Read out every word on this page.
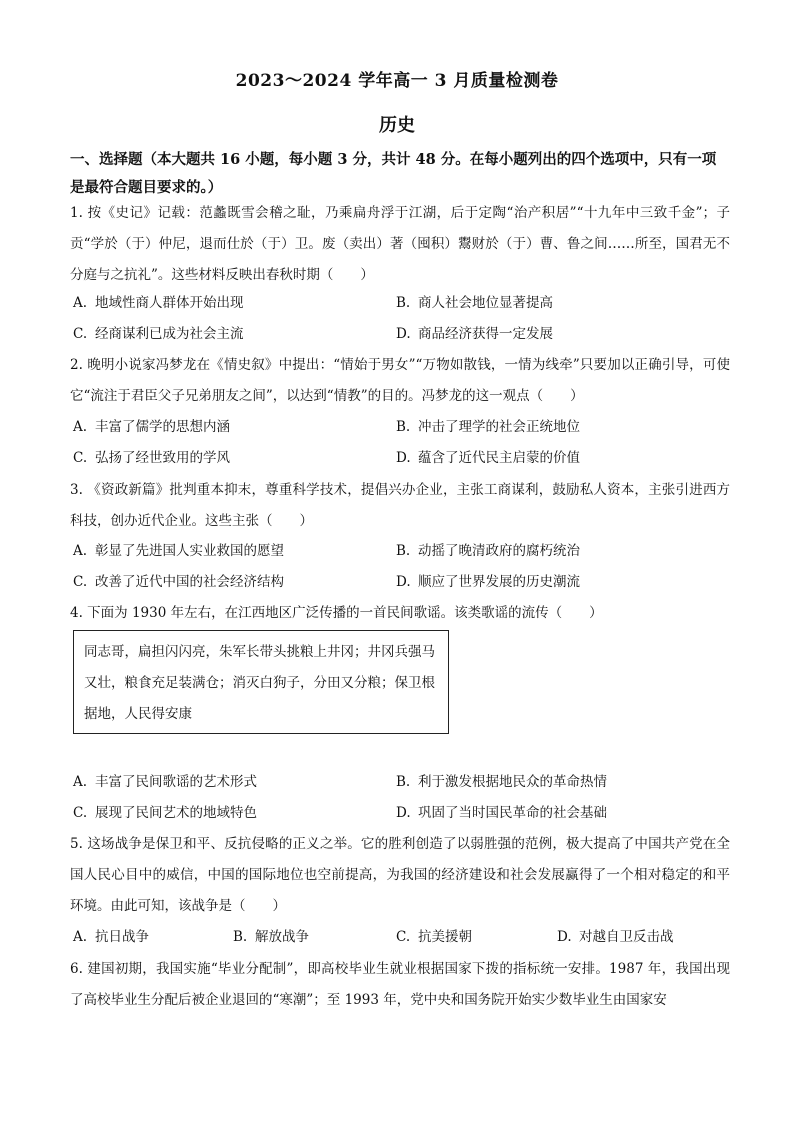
2023～2024 学年高一 3 月质量检测卷
历史
一、选择题（本大题共 16 小题，每小题 3 分，共计 48 分。在每小题列出的四个选项中，只有一项是最符合题目要求的。）
1. 按《史记》记载：范蠡既雪会稽之耻，乃乘扁舟浮于江湖，后于定陶“治产积居”“十九年中三致千金”；子贡“学於（于）仲尼，退而仕於（于）卫。废（卖出）著（囤积）鬻财於（于）曹、鲁之间……所至，国君无不分庭与之抗礼”。这些材料反映出春秋时期（　　）
A. 地域性商人群体开始出现	B. 商人社会地位显著提高
C. 经商谋利已成为社会主流	D. 商品经济获得一定发展
2. 晚明小说家冯梦龙在《情史叙》中提出：“情始于男女”“万物如散钱，一情为线牵”只要加以正确引导，可使它“流注于君臣父子兄弟朋友之间”，以达到“情教”的目的。冯梦龙的这一观点（　　）
A. 丰富了儒学的思想内涵	B. 冲击了理学的社会正统地位
C. 弘扬了经世致用的学风	D. 蕴含了近代民主启蒙的价值
3. 《资政新篇》批判重本抑末，尊重科学技术，提倡兴办企业，主张工商谋利，鼓励私人资本，主张引进西方科技，创办近代企业。这些主张（　　）
A. 彰显了先进国人实业救国的愿望	B. 动摇了晚清政府的腐朽统治
C. 改善了近代中国的社会经济结构	D. 顺应了世界发展的历史潮流
4. 下面为 1930 年左右，在江西地区广泛传播的一首民间歌谣。该类歌谣的流传（　　）
同志哥，扁担闪闪亮，朱军长带头挑粮上井冈；井冈兵强马又壮，粮食充足装满仓；消灭白狗子，分田又分粮；保卫根据地，人民得安康
A. 丰富了民间歌谣的艺术形式	B. 利于激发根据地民众的革命热情
C. 展现了民间艺术的地域特色	D. 巩固了当时国民革命的社会基础
5. 这场战争是保卫和平、反抗侵略的正义之举。它的胜利创造了以弱胜强的范例，极大提高了中国共产党在全国人民心目中的威信，中国的国际地位也空前提高，为我国的经济建设和社会发展赢得了一个相对稳定的和平环境。由此可知，该战争是（　　）
A. 抗日战争	B. 解放战争	C. 抗美援朝	D. 对越自卫反击战
6. 建国初期，我国实施“毕业分配制”，即高校毕业生就业根据国家下拨的指标统一安排。1987 年，我国出现了高校毕业生分配后被企业退回的“寒潮”；至 1993 年，党中央和国务院开始实少数毕业生由国家安
